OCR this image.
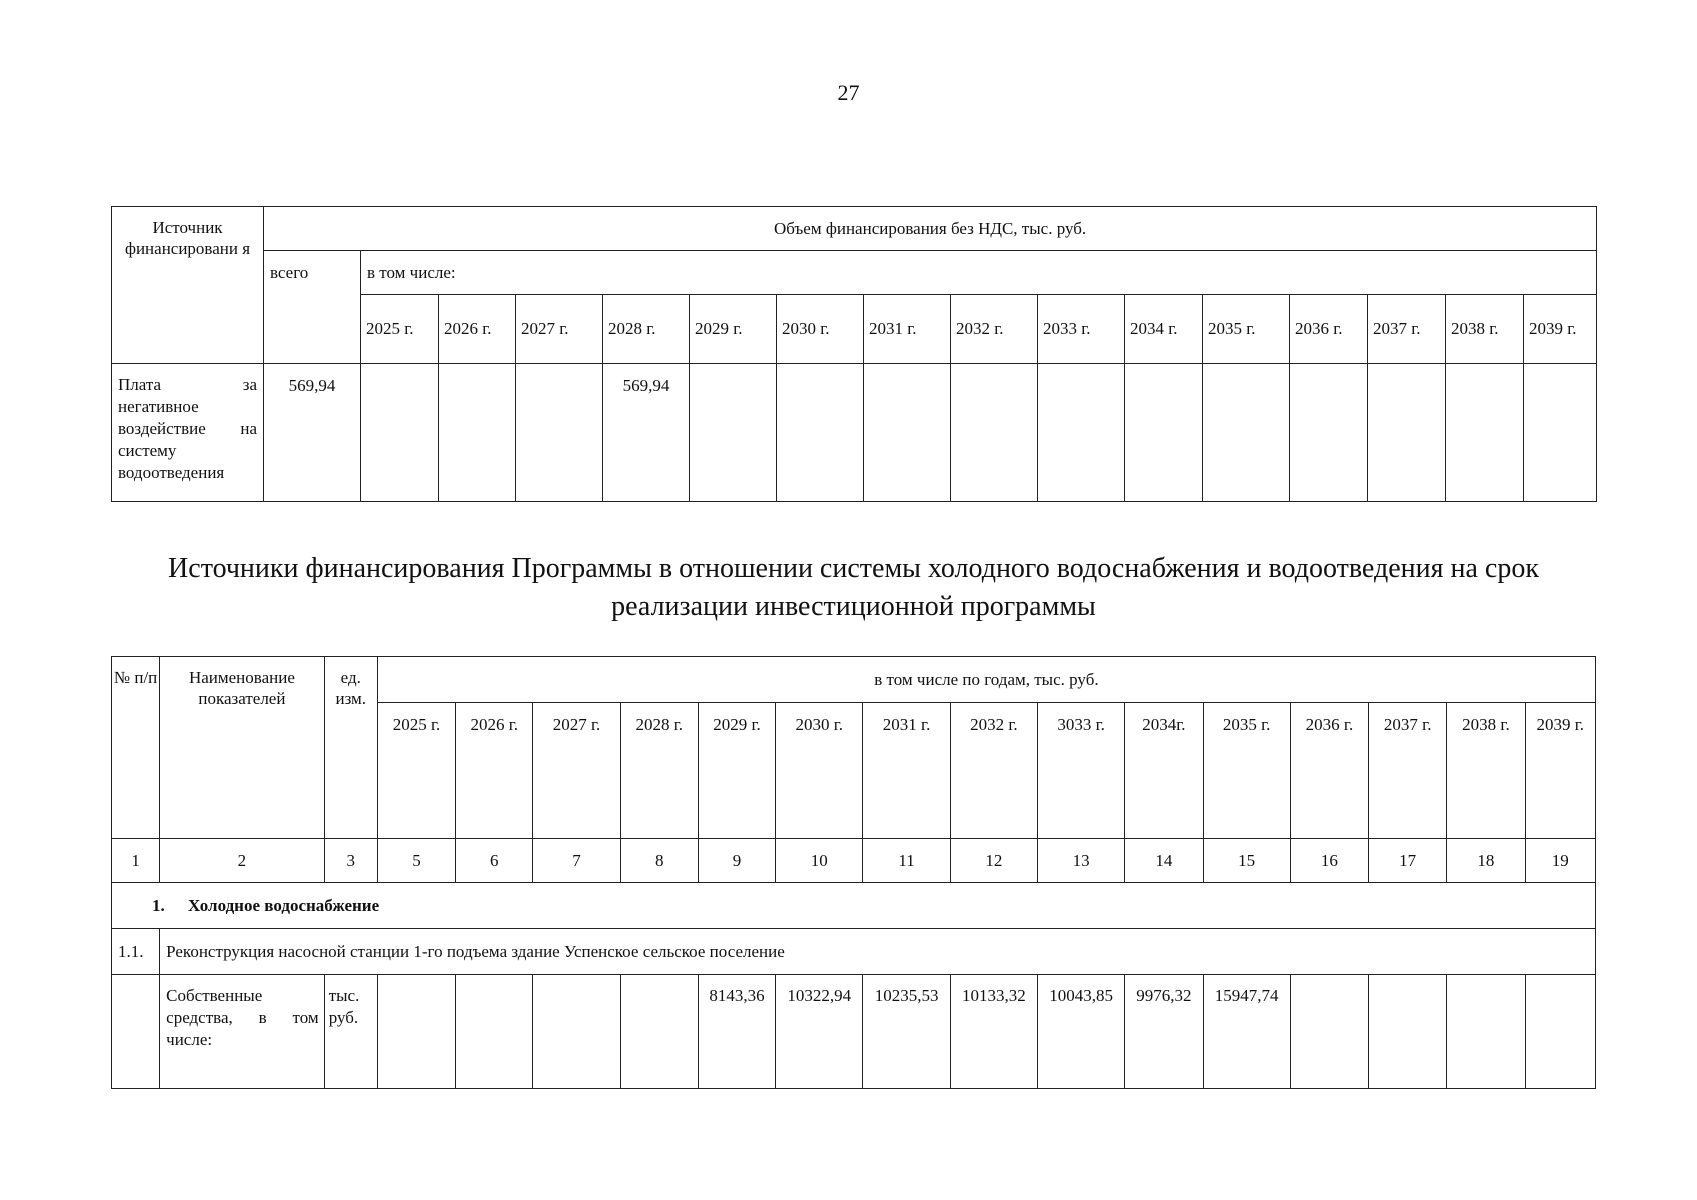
27
Источник финансировани я	Объем финансирования без НДС, тыс. руб.															
	всего	в том числе:														
		2025 г.	2026 г.	2027 г.	2028 г.	2029 г.	2030 г.	2031 г.	2032 г.	2033 г.	2034 г.	2035 г.	2036 г.	2037 г.	2038 г.	2039 г.
Плата за негативное воздействие на систему водоотведения	569,94				569,94											
Источники финансирования Программы в отношении системы холодного водоснабжения и водоотведения на срок реализации инвестиционной программы
№ п/п	Наименование показателей	ед. изм.	в том числе по годам, тыс. руб.														
			2025 г.	2026 г.	2027 г.	2028 г.	2029 г.	2030 г.	2031 г.	2032 г.	3033 г.	2034г.	2035 г.	2036 г.	2037 г.	2038 г.	2039 г.
1	2	3	5	6	7	8	9	10	11	12	13	14	15	16	17	18	19
1. Холодное водоснабжение																	
1.1.	Реконструкция насосной станции 1-го подъема здание Успенское сельское поселение																
	Собственные средства, в том числе:	тыс. руб.					8143,36	10322,94	10235,53	10133,32	10043,85	9976,32	15947,74				
